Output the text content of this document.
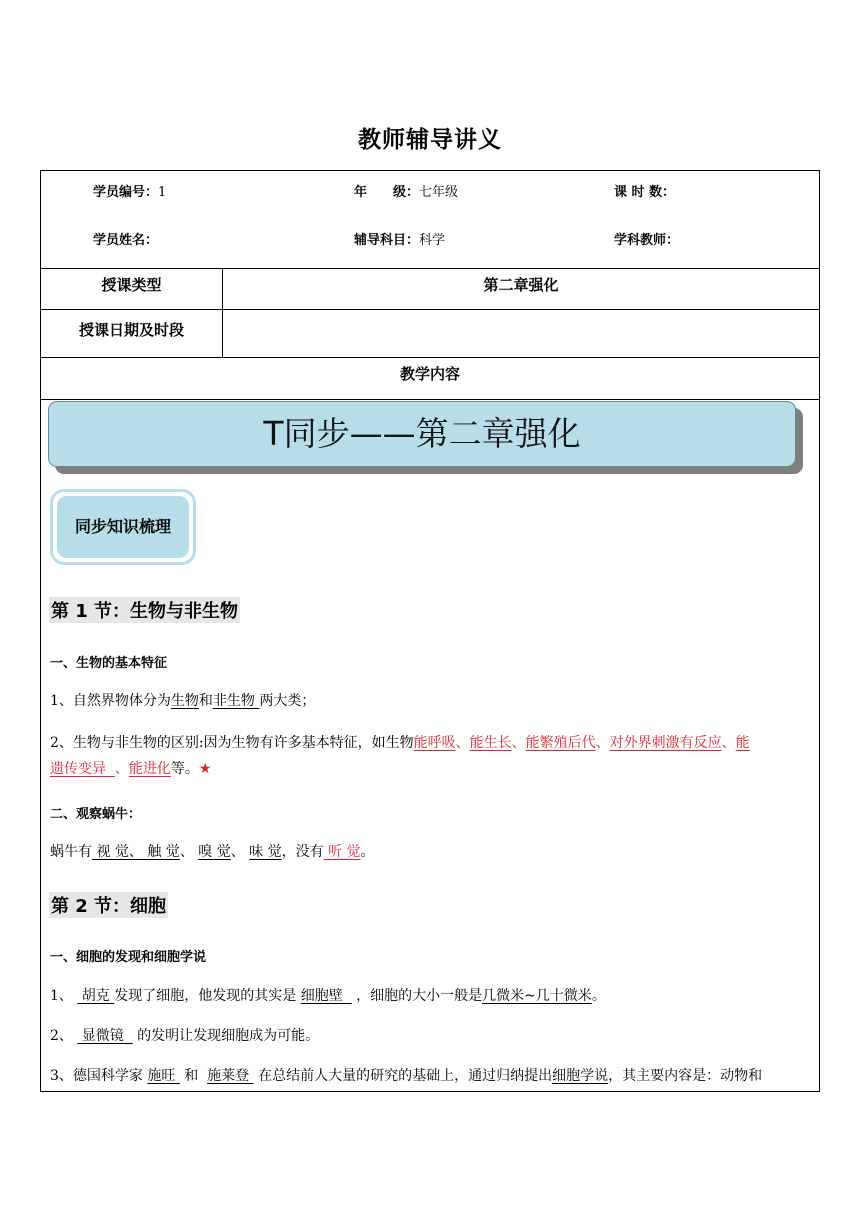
教师辅导讲义
学员编号：1	年　　级：七年级	课 时 数：
学员姓名：	辅导科目：科学	学科教师：
授课类型	第二章强化
授课日期及时段
教学内容
T同步——第二章强化
同步知识梳理
第 1 节：生物与非生物
一、生物的基本特征
1、自然界物体分为生物和非生物 两大类；
2、生物与非生物的区别:因为生物有许多基本特征，如生物能呼吸、能生长、能繁殖后代、对外界刺激有反应、能
遗传变异  、能进化等。★
二、观察蜗牛：
蜗牛有 视 觉、 触 觉、 嗅 觉、 味 觉，没有 听 觉。
第 2 节：细胞
一、细胞的发现和细胞学说
1、  胡克 发现了细胞，他发现的其实是 细胞壁   ，细胞的大小一般是几微米~几十微米。
2、  显微镜   的发明让发现细胞成为可能。
3、德国科学家 施旺  和  施莱登  在总结前人大量的研究的基础上，通过归纳提出细胞学说，其主要内容是：动物和
